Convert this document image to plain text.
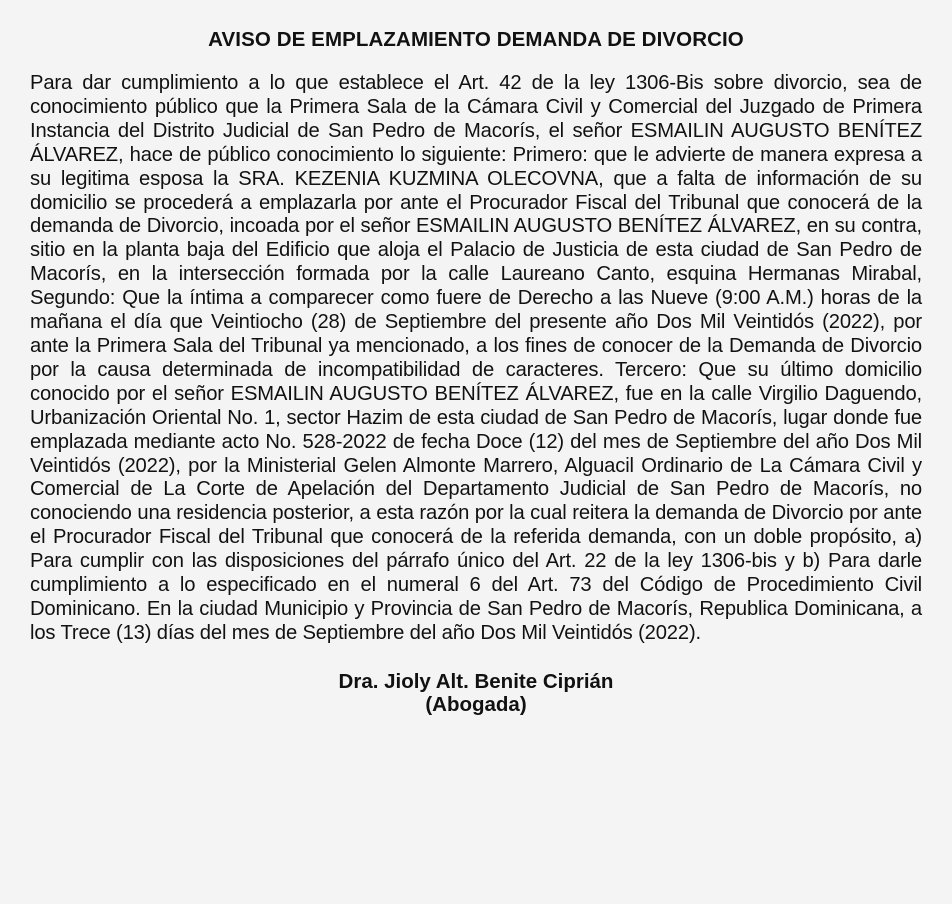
AVISO DE EMPLAZAMIENTO DEMANDA DE DIVORCIO

Para dar cumplimiento a lo que establece el Art. 42 de la ley 1306-Bis sobre divorcio, sea de conocimiento público que la Primera Sala de la Cámara Civil y Comercial del Juzgado de Primera Instancia del Distrito Judicial de San Pedro de Macorís, el señor ESMAILIN AUGUSTO BENÍTEZ ÁLVAREZ, hace de público conocimiento lo siguiente: Primero: que le advierte de manera expresa a su legitima esposa la SRA. KEZENIA KUZMINA OLECOVNA, que a falta de información de su domicilio se procederá a emplazarla por ante el Procurador Fiscal del Tribunal que conocerá de la demanda de Divorcio, incoada por el señor ESMAILIN AUGUSTO BENÍTEZ ÁLVAREZ, en su contra, sitio en la planta baja del Edificio que aloja el Palacio de Justicia de esta ciudad de San Pedro de Macorís, en la intersección formada por la calle Laureano Canto, esquina Hermanas Mirabal, Segundo: Que la íntima a comparecer como fuere de Derecho a las Nueve (9:00 A.M.) horas de la mañana el día que Veintiocho (28) de Septiembre del presente año Dos Mil Veintidós (2022), por ante la Primera Sala del Tribunal ya mencionado, a los fines de conocer de la Demanda de Divorcio por la causa determinada de incompatibilidad de caracteres. Tercero: Que su último domicilio conocido por el señor ESMAILIN AUGUSTO BENÍTEZ ÁLVAREZ, fue en la calle Virgilio Daguendo, Urbanización Oriental No. 1, sector Hazim de esta ciudad de San Pedro de Macorís, lugar donde fue emplazada mediante acto No. 528-2022 de fecha Doce (12) del mes de Septiembre del año Dos Mil Veintidós (2022), por la Ministerial Gelen Almonte Marrero, Alguacil Ordinario de La Cámara Civil y Comercial de La Corte de Apelación del Departamento Judicial de San Pedro de Macorís, no conociendo una residencia posterior, a esta razón por la cual reitera la demanda de Divorcio por ante el Procurador Fiscal del Tribunal que conocerá de la referida demanda, con un doble propósito, a) Para cumplir con las disposiciones del párrafo único del Art. 22 de la ley 1306-bis y b) Para darle cumplimiento a lo especificado en el numeral 6 del Art. 73 del Código de Procedimiento Civil Dominicano. En la ciudad Municipio y Provincia de San Pedro de Macorís, Republica Dominicana, a los Trece (13) días del mes de Septiembre del año Dos Mil Veintidós (2022).

Dra. Jioly Alt. Benite Ciprián
(Abogada)
